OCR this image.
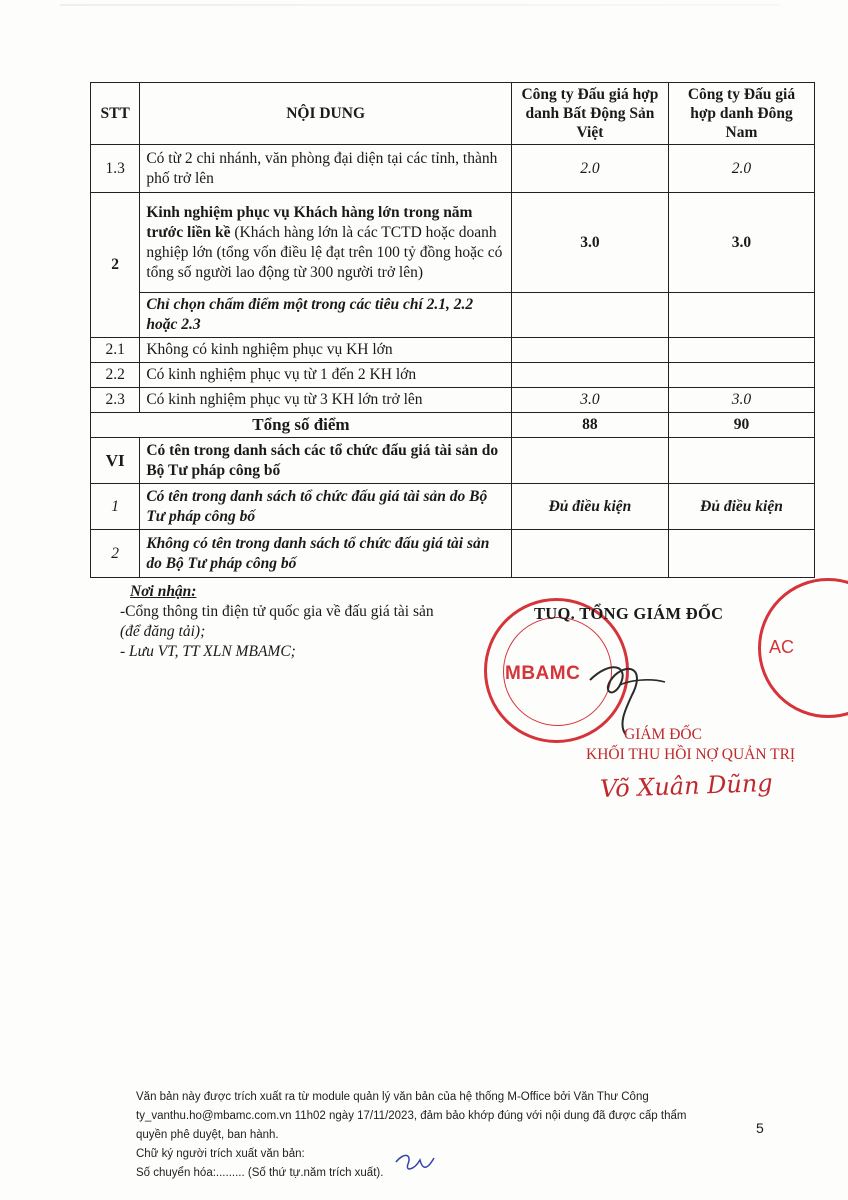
STT	NỘI DUNG	Công ty Đấu giá hợp danh Bất Động Sản Việt	Công ty Đấu giá hợp danh Đông Nam
1.3	Có từ 2 chi nhánh, văn phòng đại diện tại các tỉnh, thành phố trở lên	2.0	2.0
2	Kinh nghiệm phục vụ Khách hàng lớn trong năm trước liền kề (Khách hàng lớn là các TCTD hoặc doanh nghiệp lớn (tổng vốn điều lệ đạt trên 100 tỷ đồng hoặc có tổng số người lao động từ 300 người trở lên)	3.0	3.0
	Chỉ chọn chấm điểm một trong các tiêu chí 2.1, 2.2 hoặc 2.3		
2.1	Không có kinh nghiệm phục vụ KH lớn		
2.2	Có kinh nghiệm phục vụ từ 1 đến 2 KH lớn		
2.3	Có kinh nghiệm phục vụ từ 3 KH lớn trở lên	3.0	3.0
Tổng số điểm		88	90
VI	Có tên trong danh sách các tổ chức đấu giá tài sản do Bộ Tư pháp công bố		
1	Có tên trong danh sách tổ chức đấu giá tài sản do Bộ Tư pháp công bố	Đủ điều kiện	Đủ điều kiện
2	Không có tên trong danh sách tổ chức đấu giá tài sản do Bộ Tư pháp công bố		
Nơi nhận:
-Cổng thông tin điện tử quốc gia về đấu giá tài sản
(để đăng tải);
- Lưu VT, TT XLN MBAMC;
MBAMC
AC
TUQ. TỔNG GIÁM ĐỐC
GIÁM ĐỐC
KHỐI THU HỒI NỢ QUẢN TRỊ
Võ Xuân Dũng
Văn bản này được trích xuất ra từ module quản lý văn bản của hệ thống M-Office bởi Văn Thư Công
ty_vanthu.ho@mbamc.com.vn 11h02 ngày 17/11/2023, đảm bảo khớp đúng với nội dung đã được cấp thẩm
quyền phê duyệt, ban hành.
Chữ ký người trích xuất văn bản:
Số chuyển hóa:......... (Số thứ tự.năm trích xuất).
5
